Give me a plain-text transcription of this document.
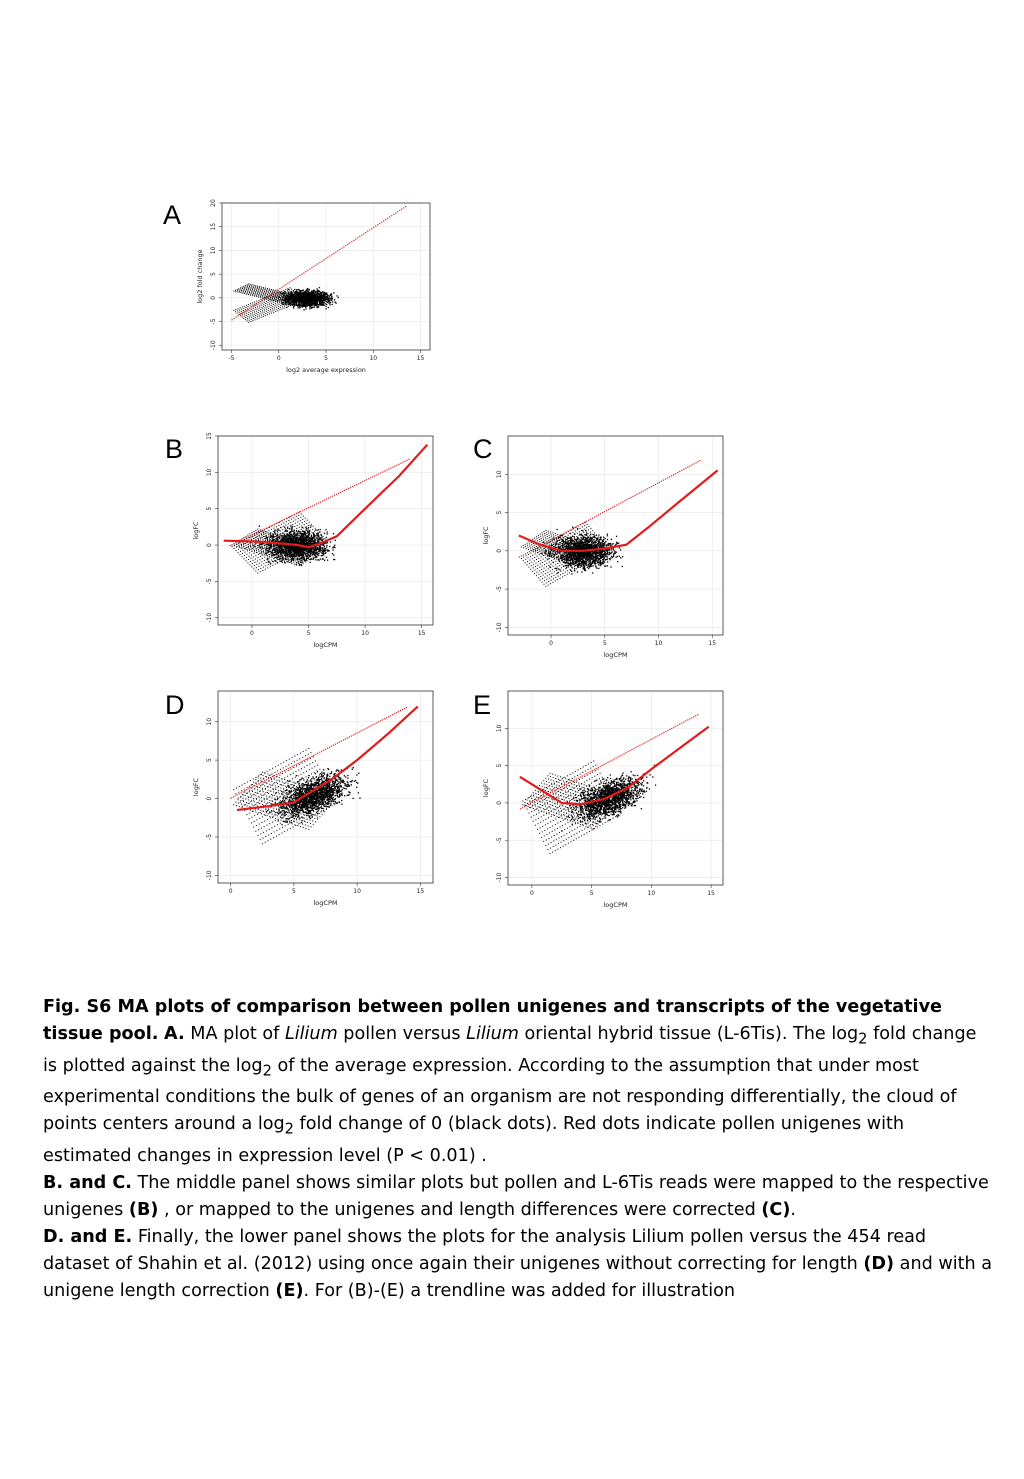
A
B	C
D	E
-5	0	5	10	15
-10
-5
0
5
10
15
20
log2 average expression
log2 fold change
0	5	10	15
-10
-5
0
5
10
15
logCPM
logFC
0	5	10	15
-10
-5
0
5
10
logCPM
logFC
0	5	10	15
-10
-5
0
5
10
logCPM
logFC
0	5	10	15
-10
-5
0
5
10
logCPM
logFC

Fig. S6 MA plots of comparison between pollen unigenes and transcripts of the vegetative tissue pool. A. MA plot of Lilium pollen versus Lilium oriental hybrid tissue (L-6Tis). The $\log_2$ fold change is plotted against the $\log_2$ of the average expression. According to the assumption that under most experimental conditions the bulk of genes of an organism are not responding differentially, the cloud of points centers around a $\log_2$ fold change of 0 (black dots). Red dots indicate pollen unigenes with estimated changes in expression level (P < 0.01) .

B. and C. The middle panel shows similar plots but pollen and L-6Tis reads were mapped to the respective unigenes (B) , or mapped to the unigenes and length differences were corrected (C).

D. and E. Finally, the lower panel shows the plots for the analysis Lilium pollen versus the 454 read dataset of Shahin et al. (2012) using once again their unigenes without correcting for length (D) and with a unigene length correction (E). For (B)-(E) a trendline was added for illustration
